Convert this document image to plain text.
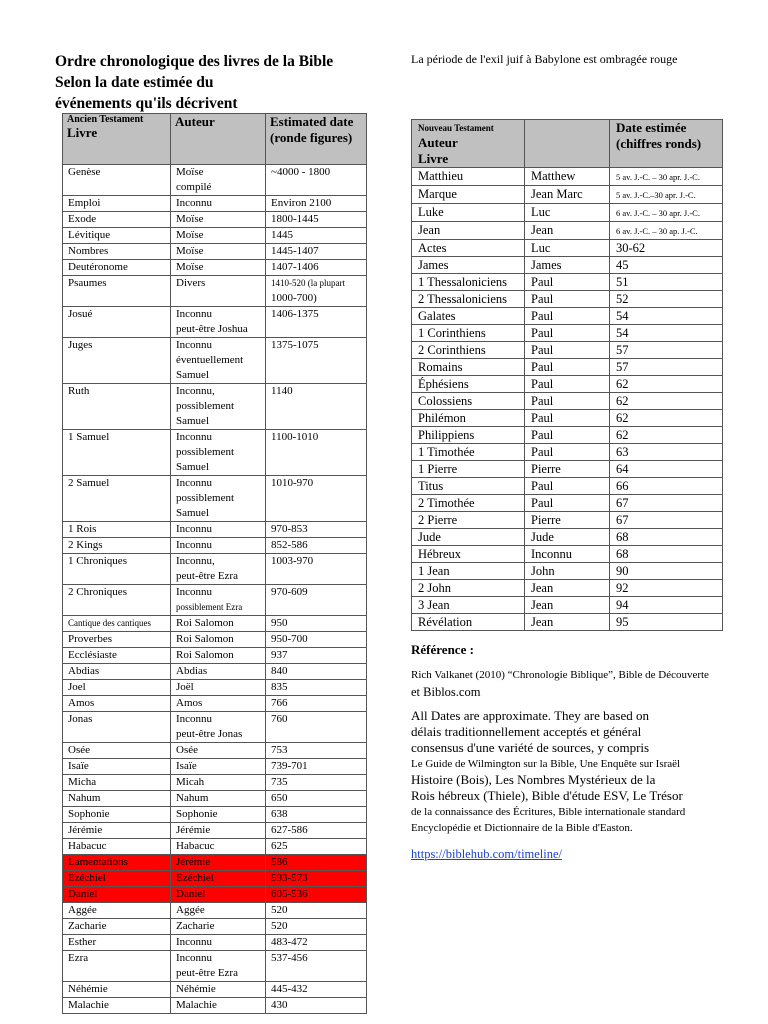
Ordre chronologique des livres de la Bible
Selon la date estimée du
événements qu'ils décrivent
La période de l'exil juif à Babylone est ombragée rouge
Ancien Testament
Livre	Auteur	Estimated date (ronde figures)

Genèse	Moïse
compilé	~4000 - 1800

Emploi	Inconnu	Environ 2100

Exode	Moïse	1800-1445

Lévitique	Moïse	1445

Nombres	Moïse	1445-1407

Deutéronome	Moïse	1407-1406

Psaumes	Divers	1410-520 (la plupart
1000-700)

Josué	Inconnu
peut-être Joshua	1406-1375

Juges	Inconnu
éventuellement
Samuel	1375-1075

Ruth	Inconnu,
possiblement
Samuel	1140

1 Samuel	Inconnu
possiblement
Samuel	1100-1010

2 Samuel	Inconnu
possiblement
Samuel	1010-970

1 Rois	Inconnu	970-853

2 Kings	Inconnu	852-586

1 Chroniques	Inconnu,
peut-être Ezra	1003-970

2 Chroniques	Inconnu
possiblement Ezra	970-609

Cantique des cantiques	Roi Salomon	950

Proverbes	Roi Salomon	950-700

Ecclésiaste	Roi Salomon	937

Abdias	Abdias	840

Joel	Joël	835

Amos	Amos	766

Jonas	Inconnu
peut-être Jonas	760

Osée	Osée	753

Isaïe	Isaïe	739-701

Micha	Micah	735

Nahum	Nahum	650

Sophonie	Sophonie	638

Jérémie	Jérémie	627-586

Habacuc	Habacuc	625

Lamentations	Jérémie	586

Ezéchiel	Ezéchiel	593-573

Daniel	Daniel	605-536

Aggée	Aggée	520

Zacharie	Zacharie	520

Esther	Inconnu	483-472

Ezra	Inconnu
peut-être Ezra	537-456

Néhémie	Néhémie	445-432

Malachie	Malachie	430
Nouveau Testament Auteur
Livre		Date estimée (chiffres ronds)
Matthieu	Matthew	5 av. J.-C. – 30 apr. J.-C.
Marque	Jean Marc	5 av. J.-C.–30 apr. J.-C.
Luke	Luc	6 av. J.-C. – 30 apr. J.-C.
Jean	Jean	6 av. J.-C. – 30 ap. J.-C.
Actes	Luc	30-62
James	James	45
1 Thessaloniciens	Paul	51
2 Thessaloniciens	Paul	52
Galates	Paul	54
1 Corinthiens	Paul	54
2 Corinthiens	Paul	57
Romains	Paul	57
Éphésiens	Paul	62
Colossiens	Paul	62
Philémon	Paul	62
Philippiens	Paul	62
1 Timothée	Paul	63
1 Pierre	Pierre	64
Titus	Paul	66
2 Timothée	Paul	67
2 Pierre	Pierre	67
Jude	Jude	68
Hébreux	Inconnu	68
1 Jean	John	90
2 John	Jean	92
3 Jean	Jean	94
Révélation	Jean	95
Référence :
Rich Valkanet (2010) “Chronologie Biblique”, Bible de Découverte
et Biblos.com
All Dates are approximate. They are based on
délais traditionnellement acceptés et général
consensus d'une variété de sources, y compris
Le Guide de Wilmington sur la Bible, Une Enquête sur Israël
Histoire (Bois), Les Nombres Mystérieux de la
Rois hébreux (Thiele), Bible d'étude ESV, Le Trésor
de la connaissance des Écritures, Bible internationale standard
Encyclopédie et Dictionnaire de la Bible d'Easton.
https://biblehub.com/timeline/
